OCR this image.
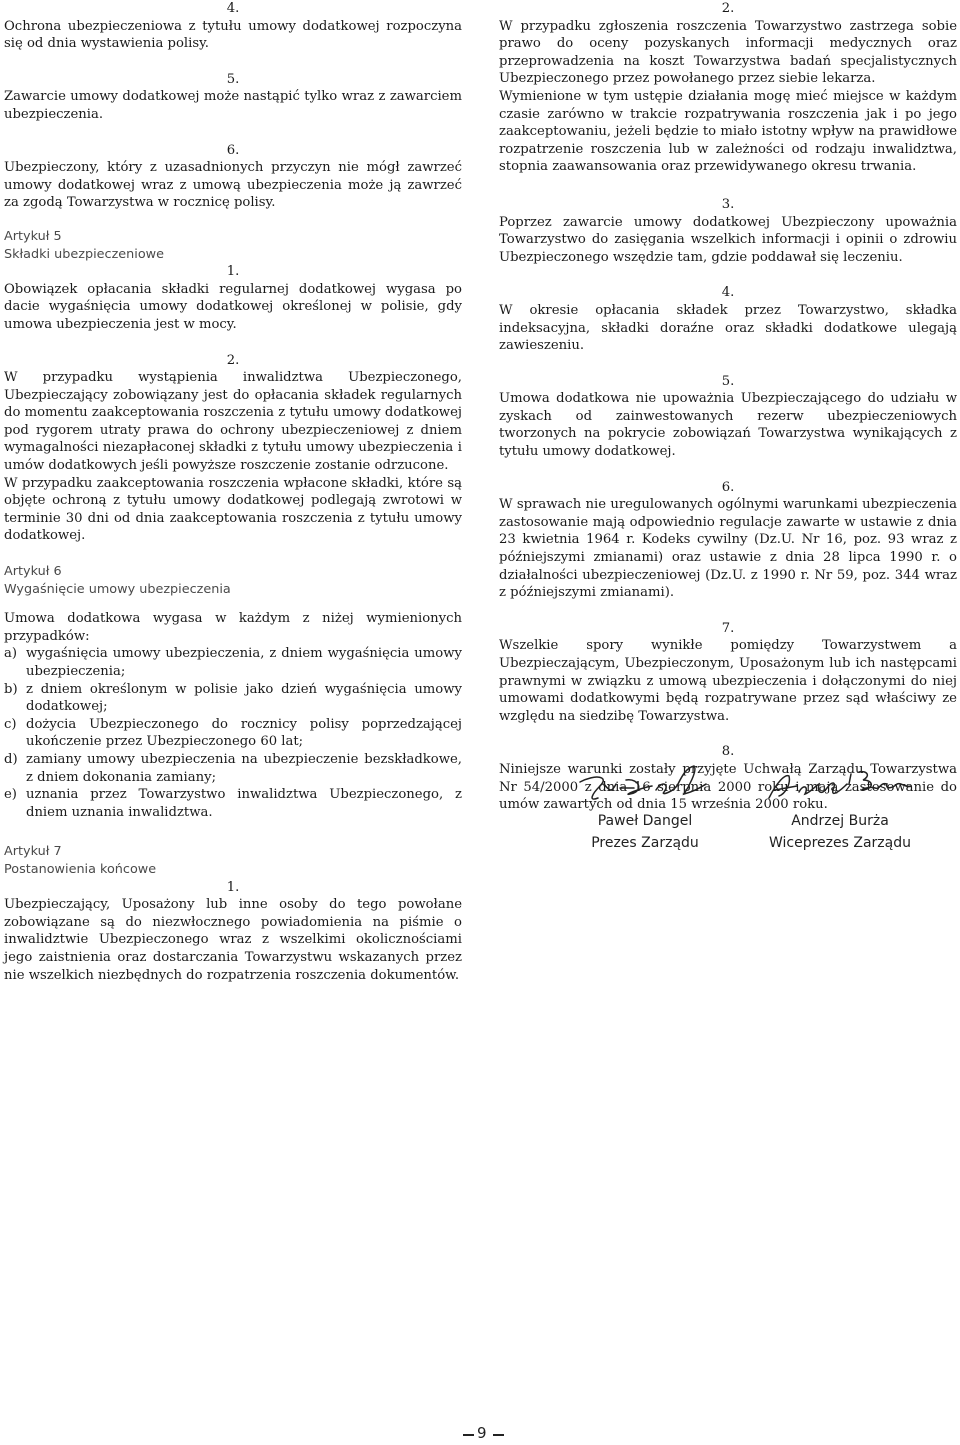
4.

Ochrona ubezpieczeniowa z tytułu umowy dodatkowej rozpoczyna się od dnia wystawienia polisy.

5.

Zawarcie umowy dodatkowej może nastąpić tylko wraz z zawarciem ubezpieczenia.

6.

Ubezpieczony, który z uzasadnionych przyczyn nie mógł zawrzeć umowy dodatkowej wraz z umową ubezpieczenia może ją zawrzeć za zgodą Towarzystwa w rocznicę polisy.

Artykuł 5
Składki ubezpieczeniowe
1.

Obowiązek opłacania składki regularnej dodatkowej wygasa po dacie wygaśnięcia umowy dodatkowej określonej w polisie, gdy umowa ubezpieczenia jest w mocy.

2.

W przypadku wystąpienia inwalidztwa Ubezpieczonego, Ubezpieczający zobowiązany jest do opłacania składek regularnych do momentu zaakceptowania roszczenia z tytułu umowy dodatkowej pod rygorem utraty prawa do ochrony ubezpieczeniowej z dniem wymagalności niezapłaconej składki z tytułu umowy ubezpieczenia i umów dodatkowych jeśli powyższe roszczenie zostanie odrzucone.

W przypadku zaakceptowania roszczenia wpłacone składki, które są objęte ochroną z tytułu umowy dodatkowej podlegają zwrotowi w terminie 30 dni od dnia zaakceptowania roszczenia z tytułu umowy dodatkowej.

Artykuł 6
Wygaśnięcie umowy ubezpieczenia

Umowa dodatkowa wygasa w każdym z niżej wymienionych przypadków:

a) wygaśnięcia umowy ubezpieczenia, z dniem wygaśnięcia umowy ubezpieczenia;
b) z dniem określonym w polisie jako dzień wygaśnięcia umowy dodatkowej;
c) dożycia Ubezpieczonego do rocznicy polisy poprzedzającej ukończenie przez Ubezpieczonego 60 lat;
d) zamiany umowy ubezpieczenia na ubezpieczenie bezskładkowe, z dniem dokonania zamiany;
e) uznania przez Towarzystwo inwalidztwa Ubezpieczonego, z dniem uznania inwalidztwa.
Artykuł 7
Postanowienia końcowe
1.

Ubezpieczający, Uposażony lub inne osoby do tego powołane zobowiązane są do niezwłocznego powiadomienia na piśmie o inwalidztwie Ubezpieczonego wraz z wszelkimi okolicznościami jego zaistnienia oraz dostarczania Towarzystwu wskazanych przez nie wszelkich niezbędnych do rozpatrzenia roszczenia dokumentów.

2.

W przypadku zgłoszenia roszczenia Towarzystwo zastrzega sobie prawo do oceny pozyskanych informacji medycznych oraz przeprowadzenia na koszt Towarzystwa badań specjalistycznych Ubezpieczonego przez powołanego przez siebie lekarza.

Wymienione w tym ustępie działania mogę mieć miejsce w każdym czasie zarówno w trakcie rozpatrywania roszczenia jak i po jego zaakceptowaniu, jeżeli będzie to miało istotny wpływ na prawidłowe rozpatrzenie roszczenia lub w zależności od rodzaju inwalidztwa, stopnia zaawansowania oraz przewidywanego okresu trwania.

3.

Poprzez zawarcie umowy dodatkowej Ubezpieczony upoważnia Towarzystwo do zasięgania wszelkich informacji i opinii o zdrowiu Ubezpieczonego wszędzie tam, gdzie poddawał się leczeniu.

4.

W okresie opłacania składek przez Towarzystwo, składka indeksacyjna, składki doraźne oraz składki dodatkowe ulegają zawieszeniu.

5.

Umowa dodatkowa nie upoważnia Ubezpieczającego do udziału w zyskach od zainwestowanych rezerw ubezpieczeniowych tworzonych na pokrycie zobowiązań Towarzystwa wynikających z tytułu umowy dodatkowej.

6.

W sprawach nie uregulowanych ogólnymi warunkami ubezpieczenia zastosowanie mają odpowiednio regulacje zawarte w ustawie z dnia 23 kwietnia 1964 r. Kodeks cywilny (Dz.U. Nr 16, poz. 93 wraz z późniejszymi zmianami) oraz ustawie z dnia 28 lipca 1990 r. o działalności ubezpieczeniowej (Dz.U. z 1990 r. Nr 59, poz. 344 wraz z późniejszymi zmianami).

7.

Wszelkie spory wynikłe pomiędzy Towarzystwem a Ubezpieczającym, Ubezpieczonym, Uposażonym lub ich następcami prawnymi w związku z umową ubezpieczenia i dołączonymi do niej umowami dodatkowymi będą rozpatrywane przez sąd właściwy ze względu na siedzibę Towarzystwa.

8.

Niniejsze warunki zostały przyjęte Uchwałą Zarządu Towarzystwa Nr 54/2000 z dnia 16 sierpnia 2000 roku i mają zastosowanie do umów zawartych od dnia 15 września 2000 roku.

Paweł Dangel
Prezes Zarządu
Andrzej Burża
Wiceprezes Zarządu
9
